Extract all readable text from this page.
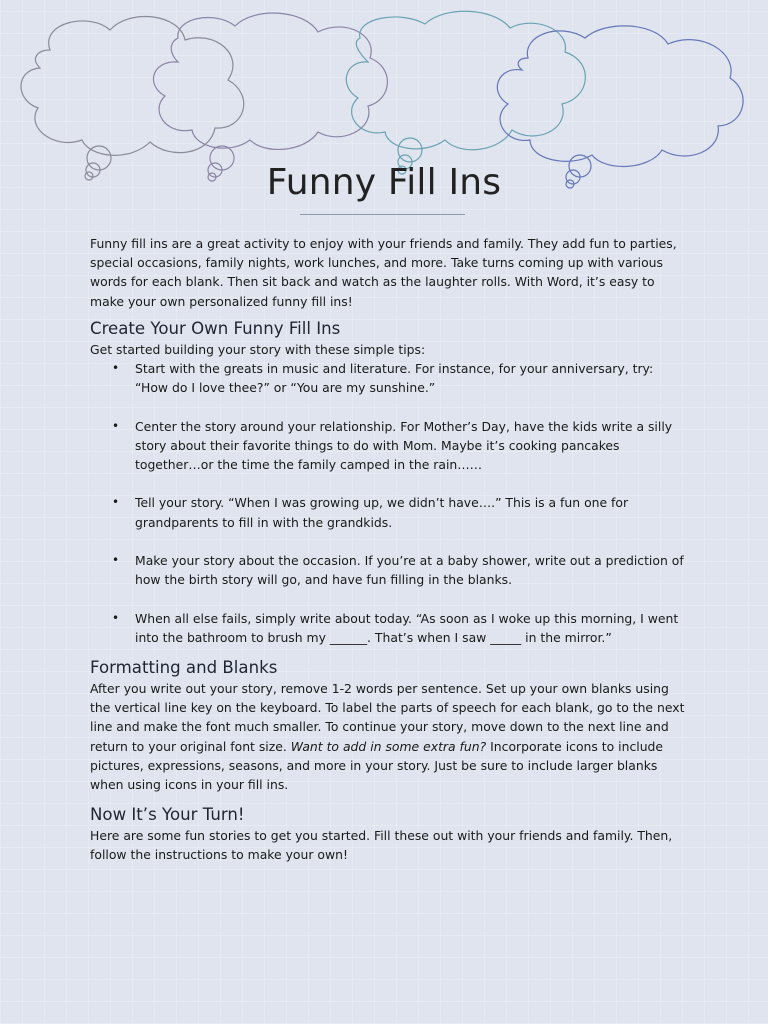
Funny Fill Ins

Funny fill ins are a great activity to enjoy with your friends and family. They add fun to parties, special occasions, family nights, work lunches, and more. Take turns coming up with various words for each blank. Then sit back and watch as the laughter rolls. With Word, it’s easy to make your own personalized funny fill ins!

Create Your Own Funny Fill Ins

Get started building your story with these simple tips:

• Start with the greats in music and literature. For instance, for your anniversary, try: “How do I love thee?” or “You are my sunshine.”
• Center the story around your relationship. For Mother’s Day, have the kids write a silly story about their favorite things to do with Mom. Maybe it’s cooking pancakes together…or the time the family camped in the rain……
• Tell your story. “When I was growing up, we didn’t have….” This is a fun one for grandparents to fill in with the grandkids.
• Make your story about the occasion. If you’re at a baby shower, write out a prediction of how the birth story will go, and have fun filling in the blanks.
• When all else fails, simply write about today. “As soon as I woke up this morning, I went into the bathroom to brush my ______. That’s when I saw _____ in the mirror.”
Formatting and Blanks

After you write out your story, remove 1-2 words per sentence. Set up your own blanks using the vertical line key on the keyboard. To label the parts of speech for each blank, go to the next line and make the font much smaller. To continue your story, move down to the next line and return to your original font size. Want to add in some extra fun? Incorporate icons to include pictures, expressions, seasons, and more in your story. Just be sure to include larger blanks when using icons in your fill ins.

Now It’s Your Turn!

Here are some fun stories to get you started. Fill these out with your friends and family. Then, follow the instructions to make your own!
